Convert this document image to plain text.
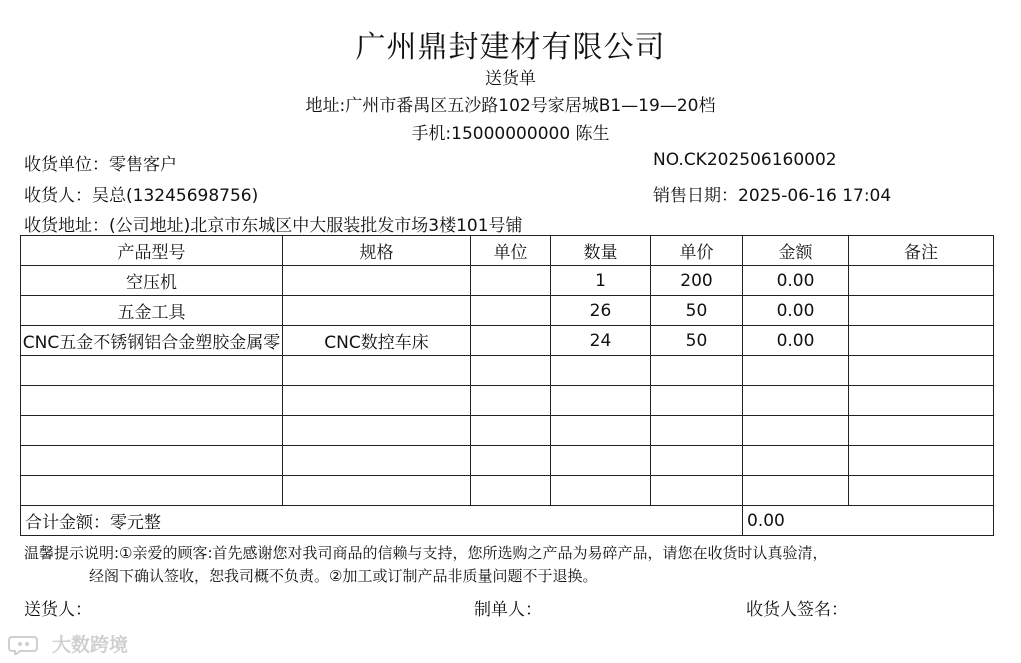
广州鼎封建材有限公司
送货单
地址:广州市番禺区五沙路102号家居城B1—19—20档
手机:15000000000 陈生
收货单位：零售客户	NO.CK202506160002
收货人：吴总(13245698756)	销售日期：2025-06-16 17:04
收货地址：(公司地址)北京市东城区中大服装批发市场3楼101号铺
产品型号	规格	单位	数量	单价	金额	备注
空压机			1	200	0.00	
五金工具			26	50	0.00	
CNC五金不锈钢铝合金塑胶金属零	CNC数控车床		24	50	0.00	

合计金额：零元整					0.00	
温馨提示说明:①亲爱的顾客:首先感谢您对我司商品的信赖与支持，您所选购之产品为易碎产品，请您在收货时认真验清，
经阁下确认签收，恕我司概不负责。②加工或订制产品非质量问题不于退换。
送货人：	制单人：	收货人签名：
大数跨境
